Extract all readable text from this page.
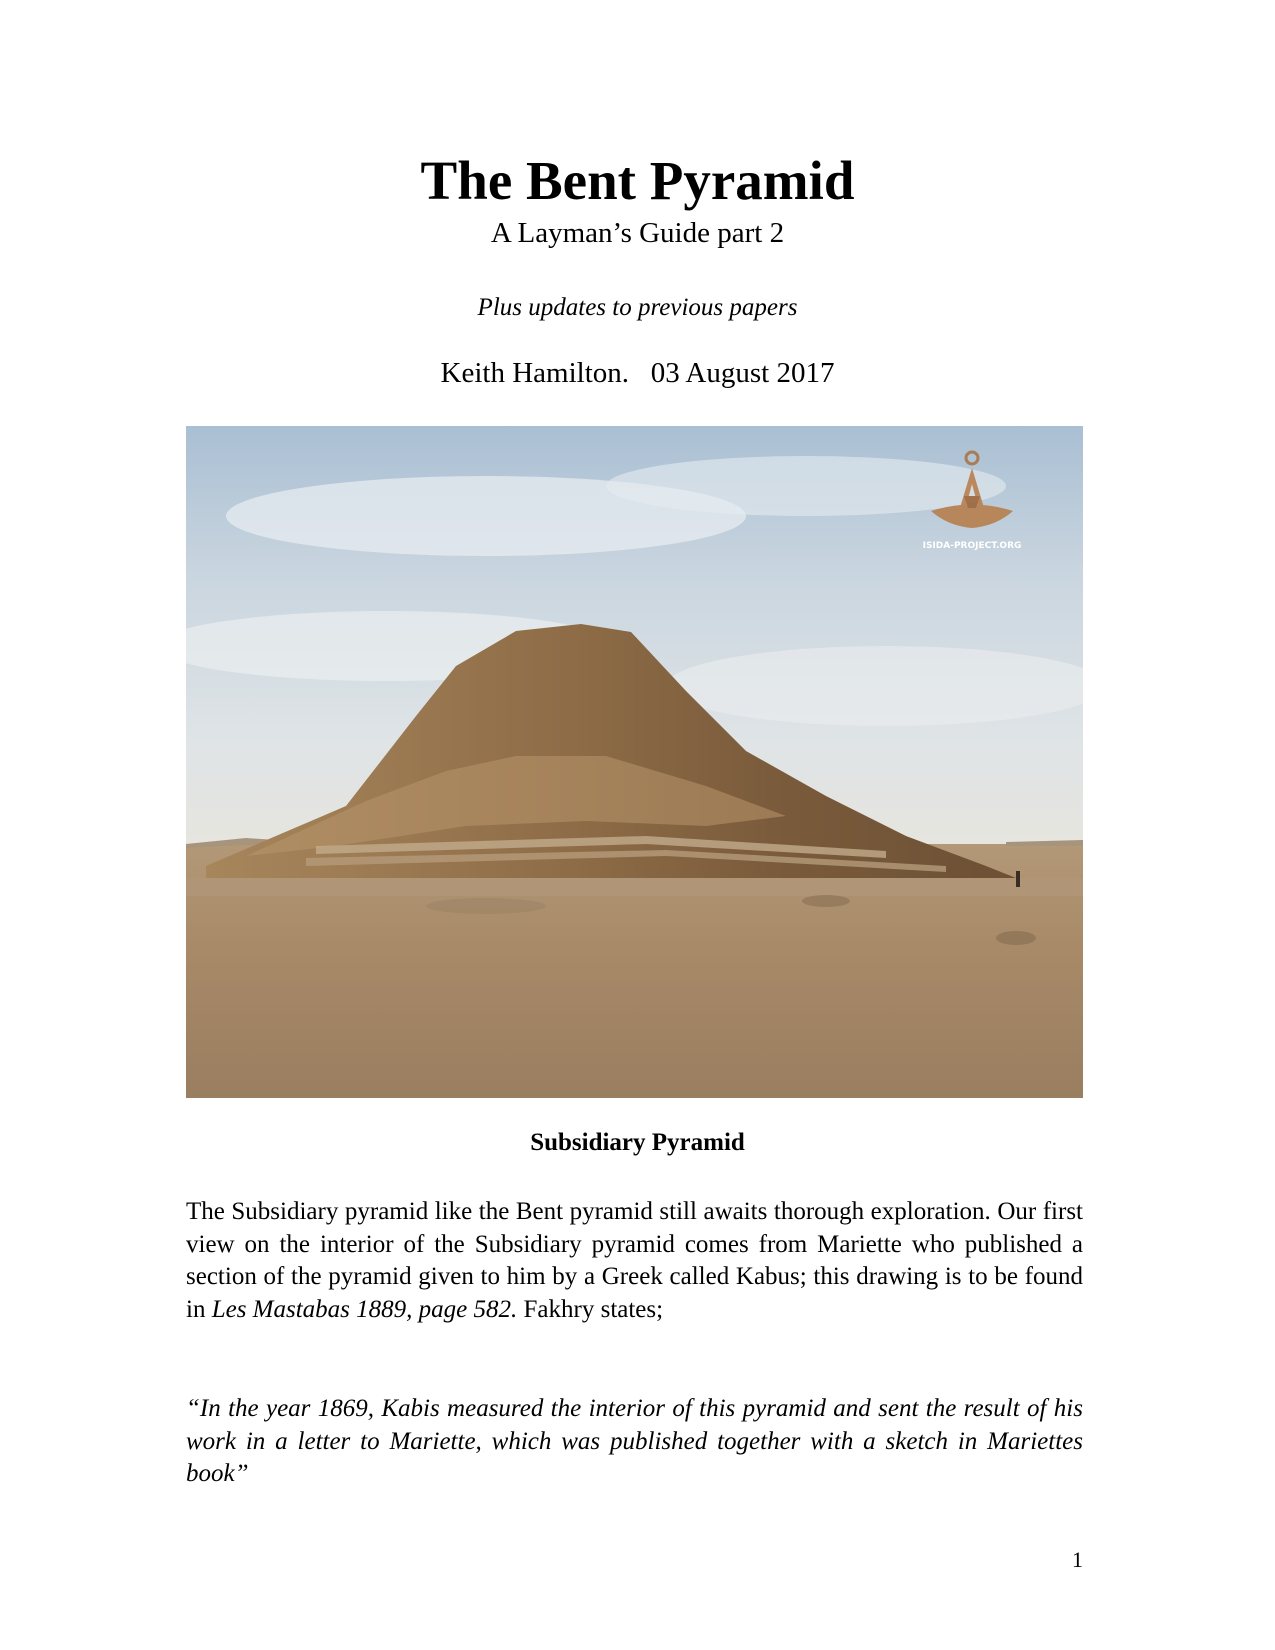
The Bent Pyramid
A Layman’s Guide part 2
Plus updates to previous papers
Keith Hamilton.   03 August 2017
ISIDA-PROJECT.ORG
Subsidiary Pyramid

The Subsidiary pyramid like the Bent pyramid still awaits thorough exploration. Our first view on the interior of the Subsidiary pyramid comes from Mariette who published a section of the pyramid given to him by a Greek called Kabus; this drawing is to be found in Les Mastabas 1889, page 582. Fakhry states;

“In the year 1869, Kabis measured the interior of this pyramid and sent the result of his work in a letter to Mariette, which was published together with a sketch in Mariettes book”

1
